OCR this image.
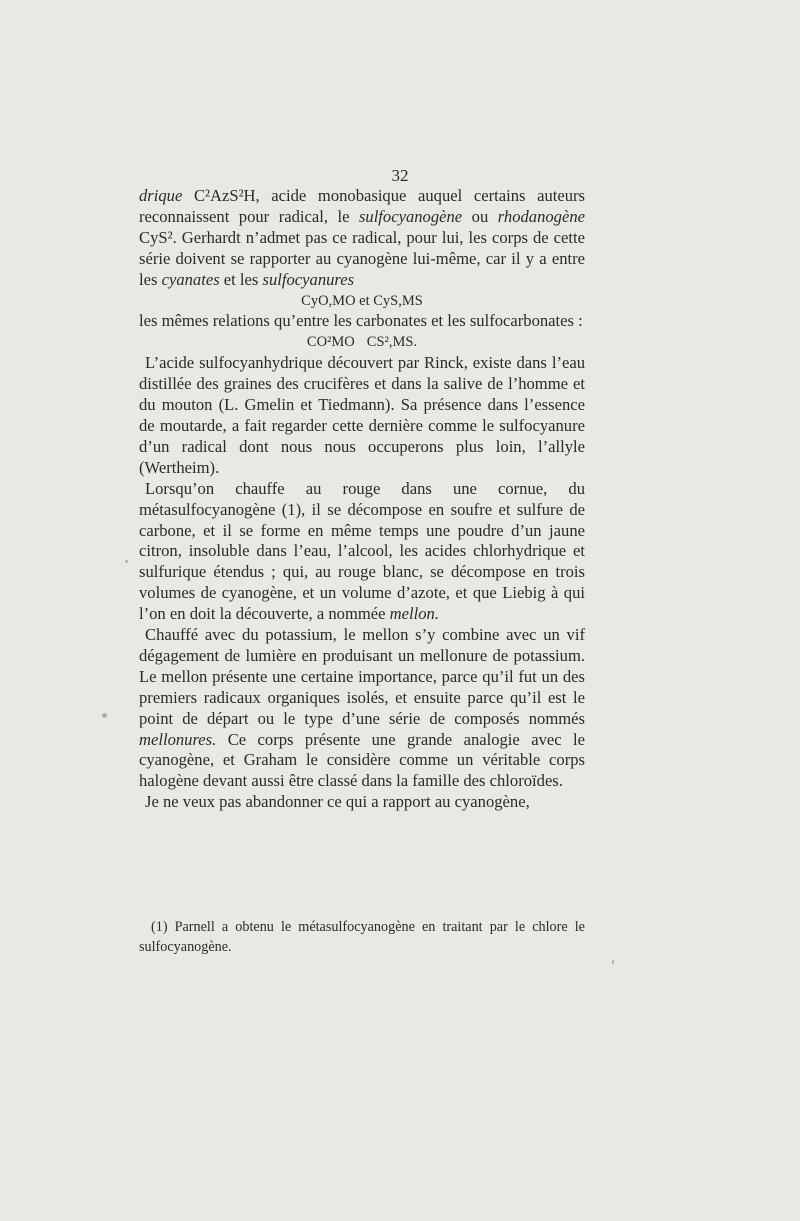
32

drique C²AzS²H, acide monobasique auquel certains auteurs reconnaissent pour radical, le sulfocyanogène ou rhodanogène CyS². Gerhardt n’admet pas ce radical, pour lui, les corps de cette série doivent se rapporter au cyanogène lui-même, car il y a entre les cyanates et les sulfocyanures

CyO,MO et CyS,MS

les mêmes relations qu’entre les carbonates et les sulfocarbonates :

CO²MO CS²,MS.

L’acide sulfocyanhydrique découvert par Rinck, existe dans l’eau distillée des graines des crucifères et dans la salive de l’homme et du mouton (L. Gmelin et Tiedmann). Sa présence dans l’essence de moutarde, a fait regarder cette dernière comme le sulfocyanure d’un radical dont nous nous occuperons plus loin, l’allyle (Wertheim).

Lorsqu’on chauffe au rouge dans une cornue, du métasulfocyanogène (1), il se décompose en soufre et sulfure de carbone, et il se forme en même temps une poudre d’un jaune citron, insoluble dans l’eau, l’alcool, les acides chlorhydrique et sulfurique étendus ; qui, au rouge blanc, se décompose en trois volumes de cyanogène, et un volume d’azote, et que Liebig à qui l’on en doit la découverte, a nommée mellon.

Chauffé avec du potassium, le mellon s’y combine avec un vif dégagement de lumière en produisant un mellonure de potassium. Le mellon présente une certaine importance, parce qu’il fut un des premiers radicaux organiques isolés, et ensuite parce qu’il est le point de départ ou le type d’une série de composés nommés mellonures. Ce corps présente une grande analogie avec le cyanogène, et Graham le considère comme un véritable corps halogène devant aussi être classé dans la famille des chloroïdes.

Je ne veux pas abandonner ce qui a rapport au cyanogène,

(1) Parnell a obtenu le métasulfocyanogène en traitant par le chlore le sulfocyanogène.
